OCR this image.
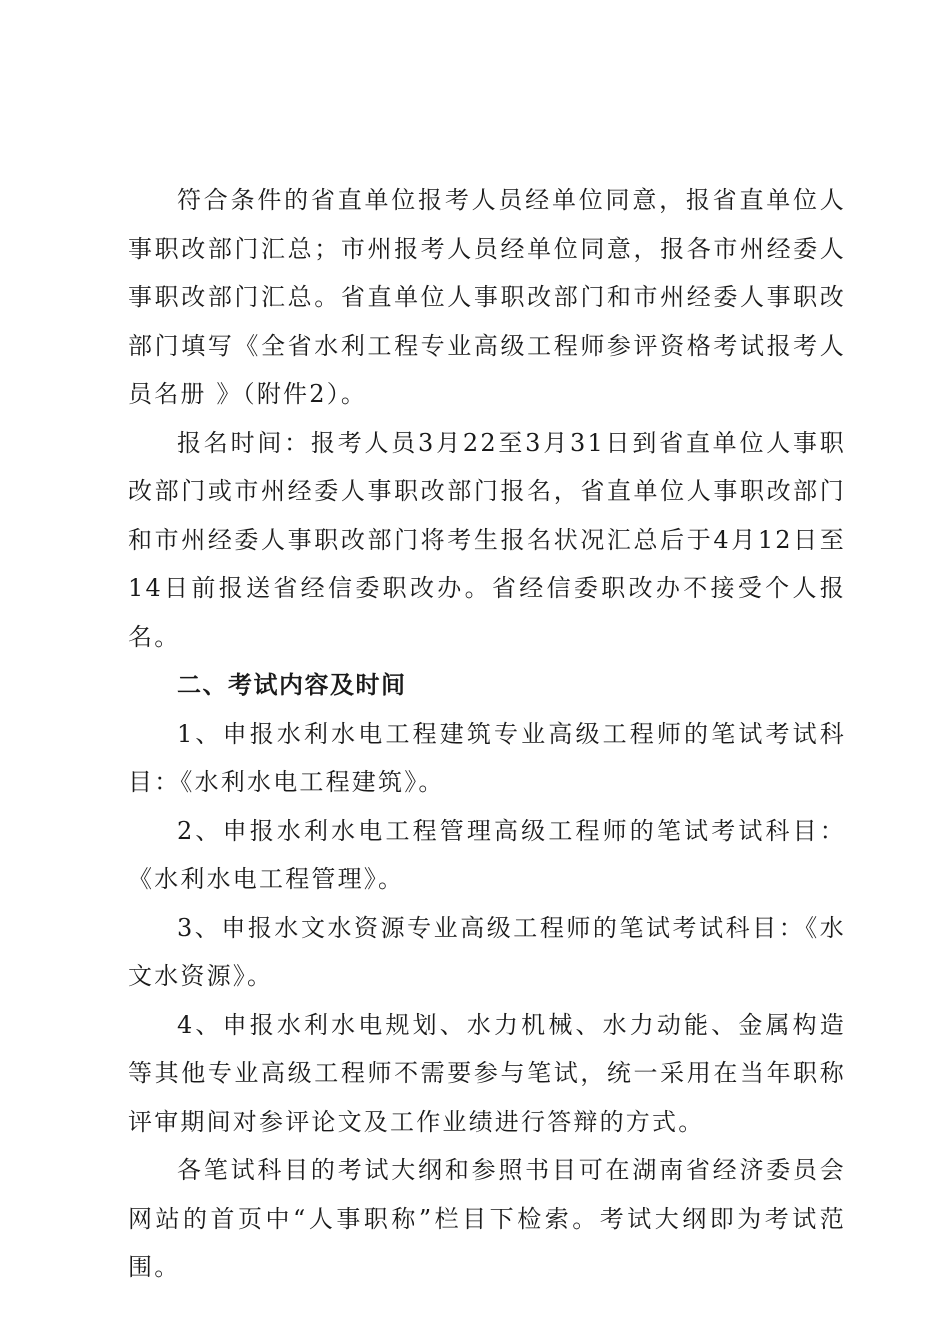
符合条件的省直单位报考人员经单位同意，报省直单位人事职改部门汇总；市州报考人员经单位同意，报各市州经委人事职改部门汇总。省直单位人事职改部门和市州经委人事职改部门填写《全省水利工程专业高级工程师参评资格考试报考人员名册 》（附件2）。

报名时间：报考人员3月22至3月31日到省直单位人事职改部门或市州经委人事职改部门报名，省直单位人事职改部门和市州经委人事职改部门将考生报名状况汇总后于4月12日至14日前报送省经信委职改办。省经信委职改办不接受个人报名。

二、考试内容及时间

1、申报水利水电工程建筑专业高级工程师的笔试考试科目：《水利水电工程建筑》。

2、申报水利水电工程管理高级工程师的笔试考试科目：《水利水电工程管理》。

3、申报水文水资源专业高级工程师的笔试考试科目：《水文水资源》。

4、申报水利水电规划、水力机械、水力动能、金属构造等其他专业高级工程师不需要参与笔试，统一采用在当年职称评审期间对参评论文及工作业绩进行答辩的方式。

各笔试科目的考试大纲和参照书目可在湖南省经济委员会网站的首页中“人事职称”栏目下检索。考试大纲即为考试范围。
